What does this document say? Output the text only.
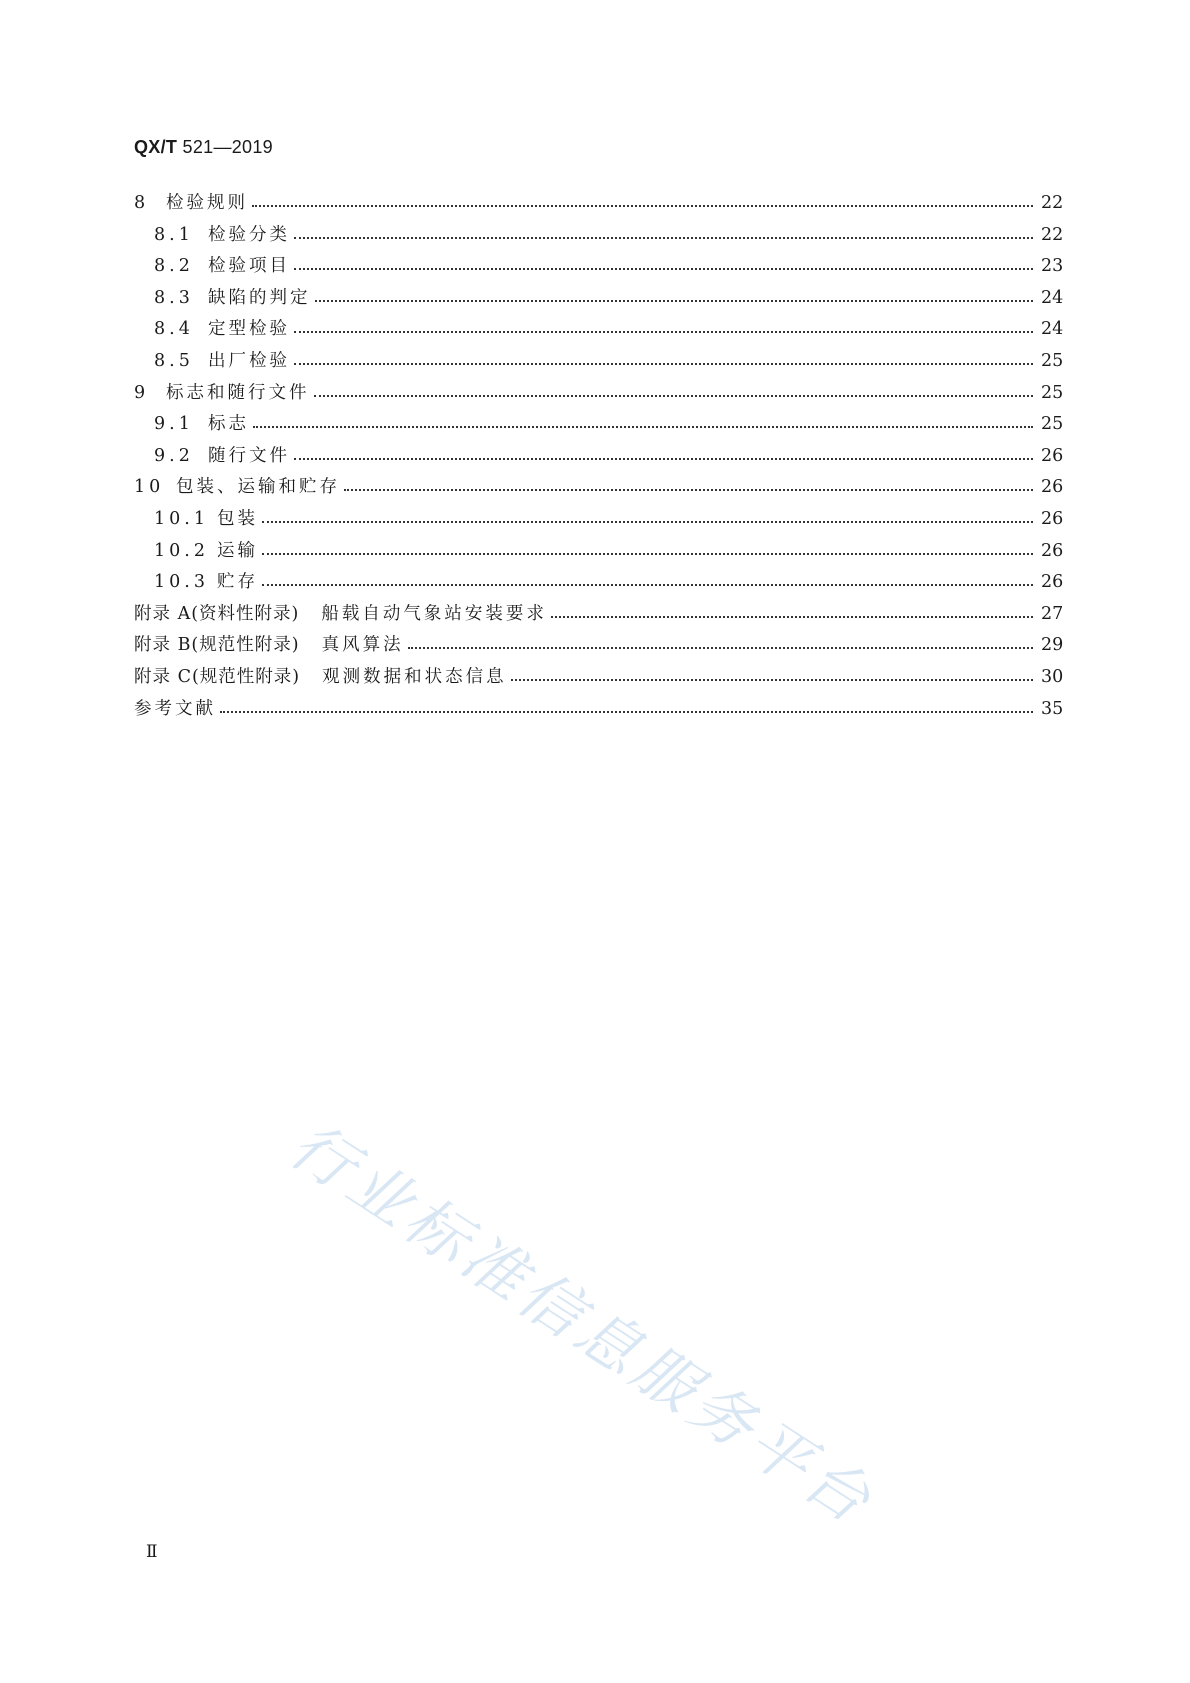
QX/T 521—2019
8 检验规则	22
8.1 检验分类	22
8.2 检验项目	23
8.3 缺陷的判定	24
8.4 定型检验	24
8.5 出厂检验	25
9 标志和随行文件	25
9.1 标志	25
9.2 随行文件	26
10 包装、运输和贮存	26
10.1 包装	26
10.2 运输	26
10.3 贮存	26
附录 A(资料性附录) 船载自动气象站安装要求	27
附录 B(规范性附录) 真风算法	29
附录 C(规范性附录) 观测数据和状态信息	30
参考文献	35
Ⅱ
行业标准信息服务平台
